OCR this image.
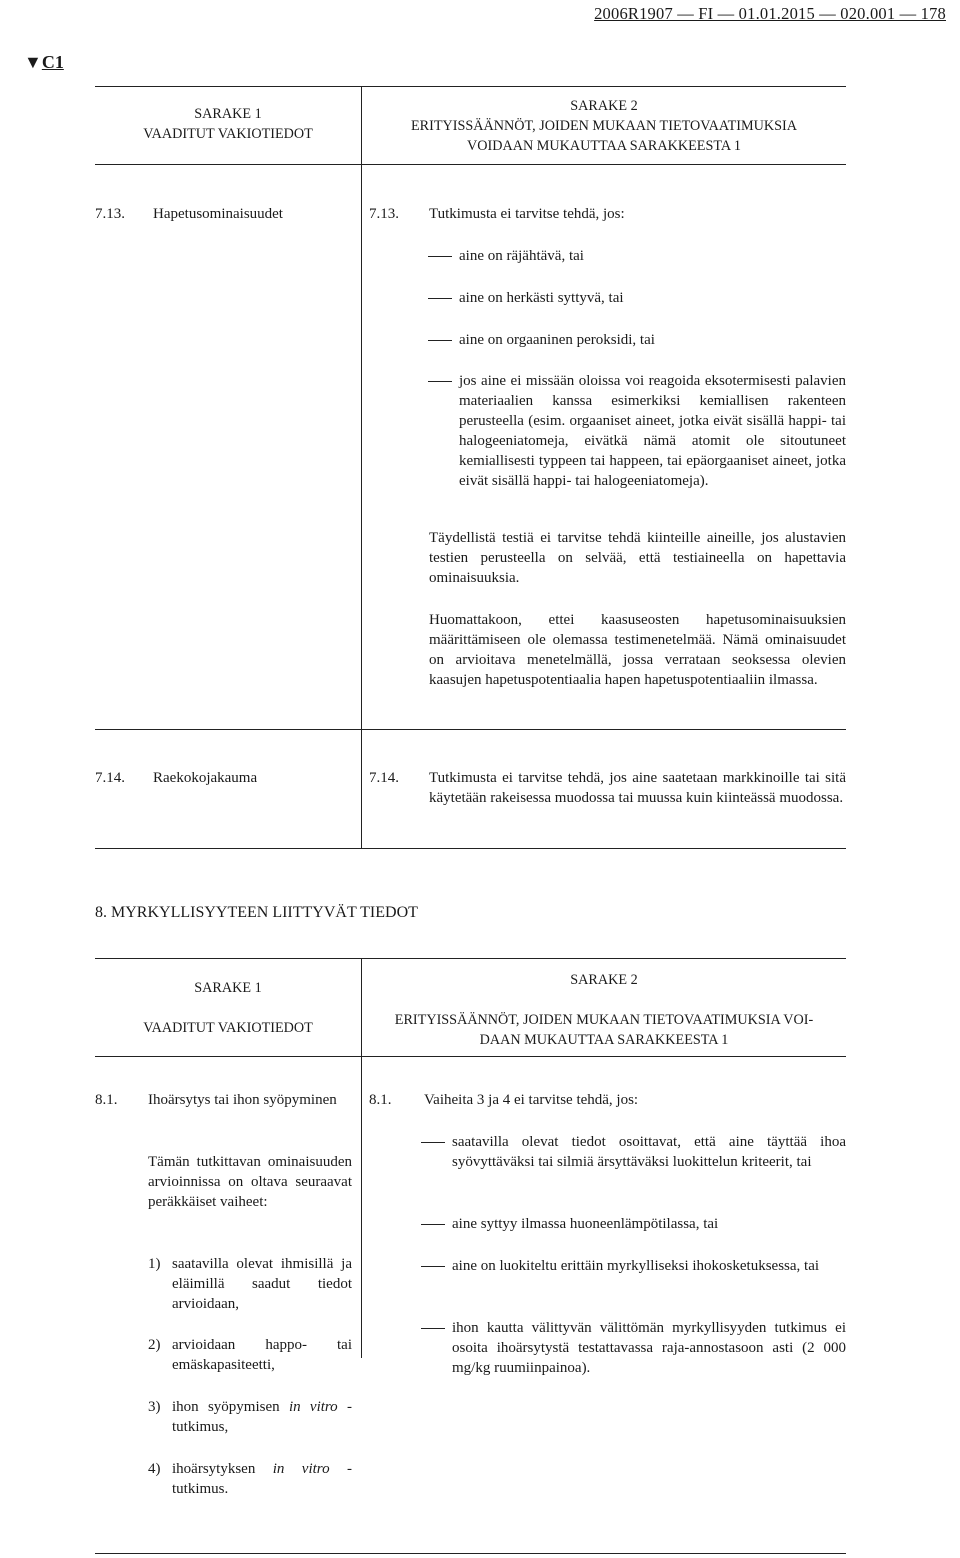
2006R1907 — FI — 01.01.2015 — 020.001 — 178
▼C1
SARAKE 1
VAADITUT VAKIOTIEDOT
SARAKE 2
ERITYISSÄÄNNÖT, JOIDEN MUKAAN TIETOVAATIMUKSIA
VOIDAAN MUKAUTTAA SARAKKEESTA 1
7.13. Hapetusominaisuudet	7.13. Tutkimusta ei tarvitse tehdä, jos:
aine on räjähtävä, tai
aine on herkästi syttyvä, tai
aine on orgaaninen peroksidi, tai
jos aine ei missään oloissa voi reagoida eksotermisesti palavien materiaalien kanssa esimerkiksi kemiallisen rakenteen perusteella (esim. orgaaniset aineet, jotka eivät sisällä happi- tai halogeeniatomeja, eivätkä nämä atomit ole sitoutuneet kemiallisesti typpeen tai happeen, tai epäorgaaniset aineet, jotka eivät sisällä happi- tai halogeeniatomeja).
Täydellistä testiä ei tarvitse tehdä kiinteille aineille, jos alustavien testien perusteella on selvää, että testiaineella on hapettavia ominaisuuksia.
Huomattakoon, ettei kaasuseosten hapetusominaisuuksien määrittämiseen ole olemassa testimenetelmää. Nämä ominaisuudet on arvioitava menetelmällä, jossa verrataan seoksessa olevien kaasujen hapetuspotentiaalia hapen hapetuspotentiaaliin ilmassa.
7.14. Raekokojakauma	7.14. Tutkimusta ei tarvitse tehdä, jos aine saatetaan markkinoille tai sitä käytetään rakeisessa muodossa tai muussa kuin kiinteässä muodossa.
8. MYRKYLLISYYTEEN LIITTYVÄT TIEDOT
SARAKE 1
VAADITUT VAKIOTIEDOT
SARAKE 2
ERITYISSÄÄNNÖT, JOIDEN MUKAAN TIETOVAATIMUKSIA VOI-
DAAN MUKAUTTAA SARAKKEESTA 1
8.1. Ihoärsytys tai ihon syöpyminen
Tämän tutkittavan ominaisuuden arvioinnissa on oltava seuraavat peräkkäiset vaiheet:
1) saatavilla olevat ihmisillä ja eläimillä saadut tiedot arvioidaan,
2) arvioidaan happo- tai emäskapasiteetti,
3) ihon syöpymisen in vitro -tutkimus,
4) ihoärsytyksen in vitro -tutkimus.
8.1. Vaiheita 3 ja 4 ei tarvitse tehdä, jos:
saatavilla olevat tiedot osoittavat, että aine täyttää ihoa syövyttäväksi tai silmiä ärsyttäväksi luokittelun kriteerit, tai
aine syttyy ilmassa huoneenlämpötilassa, tai
aine on luokiteltu erittäin myrkylliseksi ihokosketuksessa, tai
ihon kautta välittyvän välittömän myrkyllisyyden tutkimus ei osoita ihoärsytystä testattavassa raja-annostasoon asti (2 000 mg/kg ruumiinpainoa).
